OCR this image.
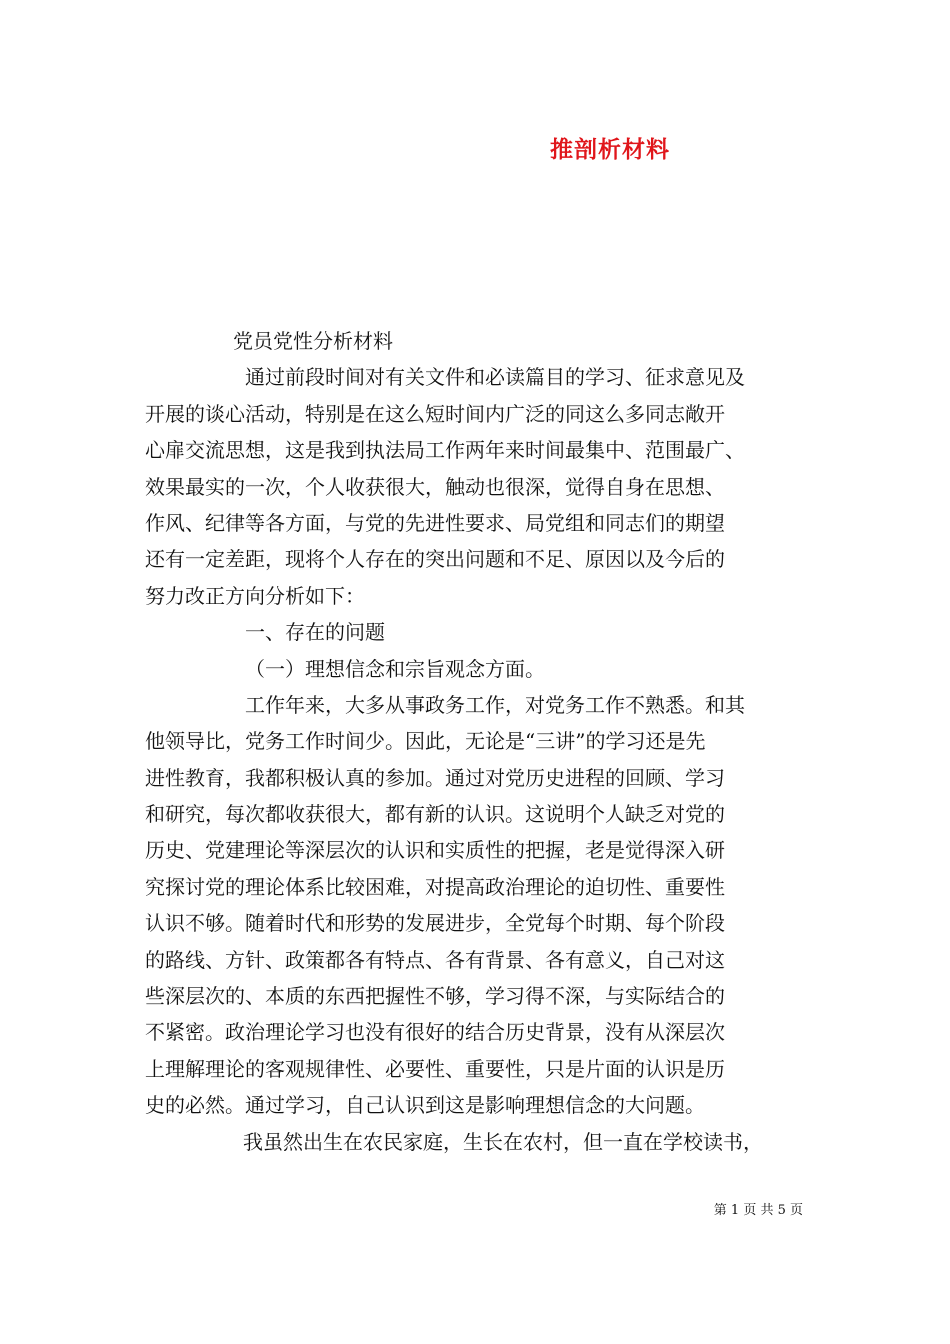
推剖析材料
党员党性分析材料
通过前段时间对有关文件和必读篇目的学习、征求意见及
开展的谈心活动，特别是在这么短时间内广泛的同这么多同志敞开
心扉交流思想，这是我到执法局工作两年来时间最集中、范围最广、
效果最实的一次，个人收获很大，触动也很深，觉得自身在思想、
作风、纪律等各方面，与党的先进性要求、局党组和同志们的期望
还有一定差距，现将个人存在的突出问题和不足、原因以及今后的
努力改正方向分析如下：
一、存在的问题
（一）理想信念和宗旨观念方面。
工作年来，大多从事政务工作，对党务工作不熟悉。和其
他领导比，党务工作时间少。因此，无论是“三讲”的学习还是先
进性教育，我都积极认真的参加。通过对党历史进程的回顾、学习
和研究，每次都收获很大，都有新的认识。这说明个人缺乏对党的
历史、党建理论等深层次的认识和实质性的把握，老是觉得深入研
究探讨党的理论体系比较困难，对提高政治理论的迫切性、重要性
认识不够。随着时代和形势的发展进步，全党每个时期、每个阶段
的路线、方针、政策都各有特点、各有背景、各有意义，自己对这
些深层次的、本质的东西把握性不够，学习得不深，与实际结合的
不紧密。政治理论学习也没有很好的结合历史背景，没有从深层次
上理解理论的客观规律性、必要性、重要性，只是片面的认识是历
史的必然。通过学习，自己认识到这是影响理想信念的大问题。
我虽然出生在农民家庭，生长在农村，但一直在学校读书，
第 1 页 共 5 页
